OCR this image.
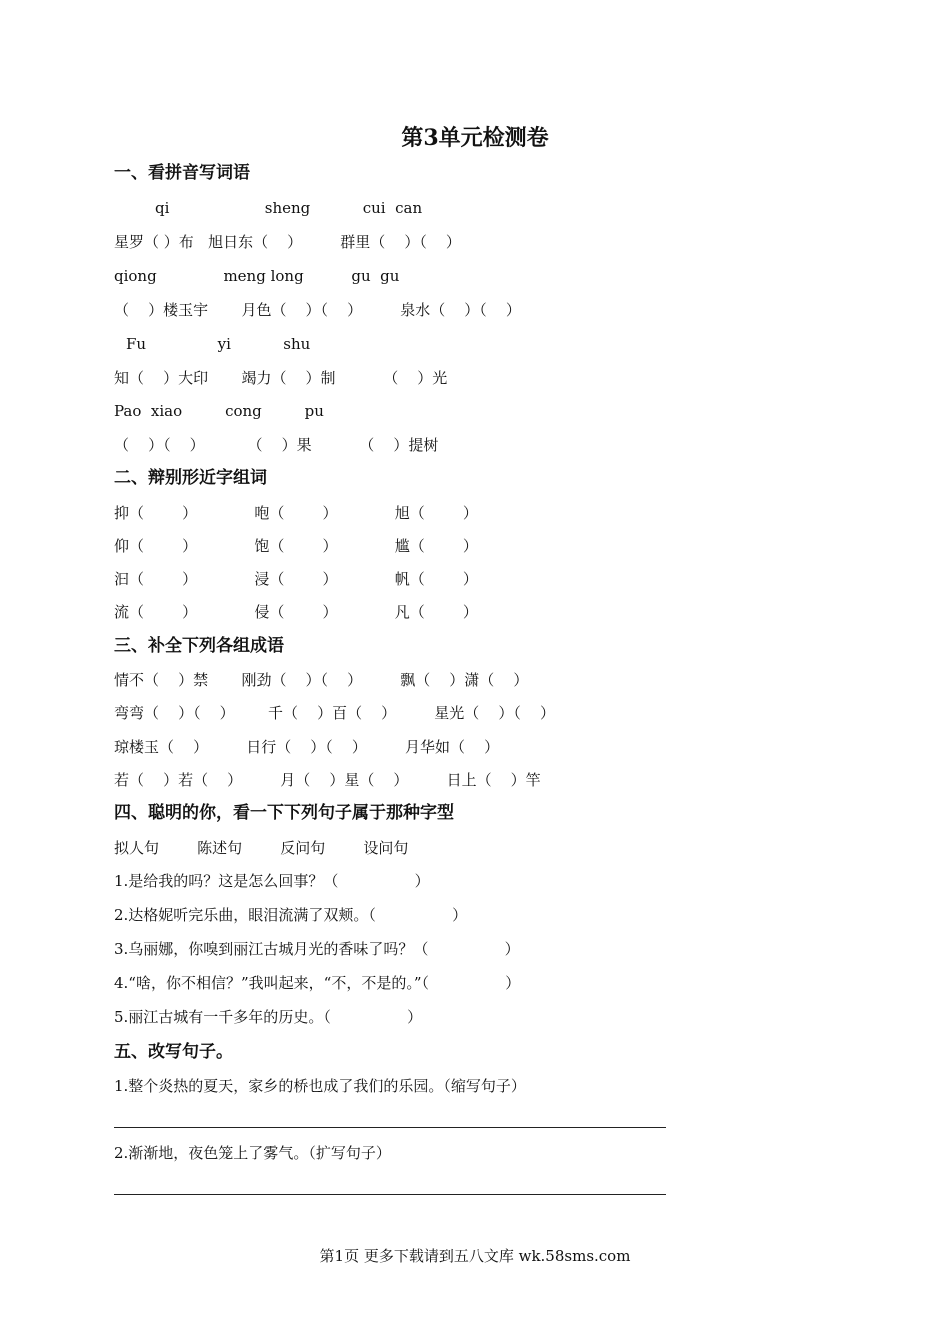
第3单元检测卷
一、看拼音写词语
qi                    sheng           cui  can
星罗（ ）布   旭日东（    ）        群里（    ）（    ）
qiong              meng long          gu  gu
（    ）楼玉宇       月色（    ）（    ）        泉水（    ）（    ）
Fu               yi           shu
知（    ）大印       竭力（    ）制          （    ）光
Pao  xiao         cong         pu
（    ）（    ）         （    ）果          （    ）提树
二、辩别形近字组词
抑（        ）            咆（        ）            旭（        ）
仰（        ）            饱（        ）            尴（        ）
汩（        ）            浸（        ）            帆（        ）
流（        ）            侵（        ）            凡（        ）
三、补全下列各组成语
情不（    ）禁       刚劲（    ）（    ）        飘（    ）潇（    ）
弯弯（    ）（    ）       千（    ）百（    ）        星光（    ）（    ）
琼楼玉（    ）        日行（    ）（    ）        月华如（    ）
若（    ）若（    ）        月（    ）星（    ）        日上（    ）竿
四、聪明的你，看一下下列句子属于那种字型
拟人句        陈述句        反问句        设问句
1.是给我的吗？这是怎么回事？（                ）
2.达格妮听完乐曲，眼泪流满了双颊。（                ）
3.乌丽娜，你嗅到丽江古城月光的香味了吗？（                ）
4.“啥，你不相信？”我叫起来，“不，不是的。”（                ）
5.丽江古城有一千多年的历史。（                ）
五、改写句子。
1.整个炎热的夏天，家乡的桥也成了我们的乐园。（缩写句子）
2.渐渐地，夜色笼上了雾气。（扩写句子）
第1页 更多下载请到五八文库 wk.58sms.com
